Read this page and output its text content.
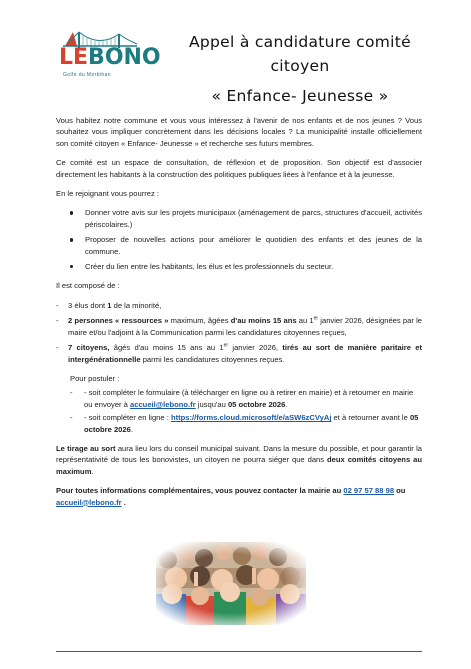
LEBONO
Golfe du Morbihan
Appel à candidature comité
citoyen
« Enfance- Jeunesse »

Vous habitez notre commune et vous vous intéressez à l'avenir de nos enfants et de nos jeunes ? Vous souhaitez vous impliquer concrètement dans les décisions locales ? La municipalité installe officiellement son comité citoyen « Enfance- Jeunesse » et recherche ses futurs membres.

Ce comité est un espace de consultation, de réflexion et de proposition. Son objectif est d'associer directement les habitants à la construction des politiques publiques liées à l'enfance et à la jeunesse.

En le rejoignant vous pourrez :

Donner votre avis sur les projets municipaux (aménagement de parcs, structures d'accueil, activités périscolaires.)
Proposer de nouvelles actions pour améliorer le quotidien des enfants et des jeunes de la commune.
Créer du lien entre les habitants, les élus et les professionnels du secteur.

Il est composé de :

- 3 élus dont 1 de la minorité,
- 2 personnes « ressources » maximum, âgées d'au moins 15 ans au 1er janvier 2026, désignées par le maire et/ou l'adjoint à la Communication parmi les candidatures citoyennes reçues,
- 7 citoyens, âgés d'au moins 15 ans au 1er janvier 2026, tirés au sort de manière paritaire et intergénérationnelle parmi les candidatures citoyennes reçues.
Pour postuler :
- - soit compléter le formulaire (à télécharger en ligne ou à retirer en mairie) et à retourner en mairie ou envoyer à accueil@lebono.fr jusqu'au 05 octobre 2026.
- - soit compléter en ligne : https://forms.cloud.microsoft/e/aSW6zCVyAj et à retourner avant le 05 octobre 2026.

Le tirage au sort aura lieu lors du conseil municipal suivant. Dans la mesure du possible, et pour garantir la représentativité de tous les bonovistes, un citoyen ne pourra siéger que dans deux comités citoyens au maximum.

Pour toutes informations complémentaires, vous pouvez contacter la mairie au 02 97 57 88 98 ou accueil@lebono.fr .
